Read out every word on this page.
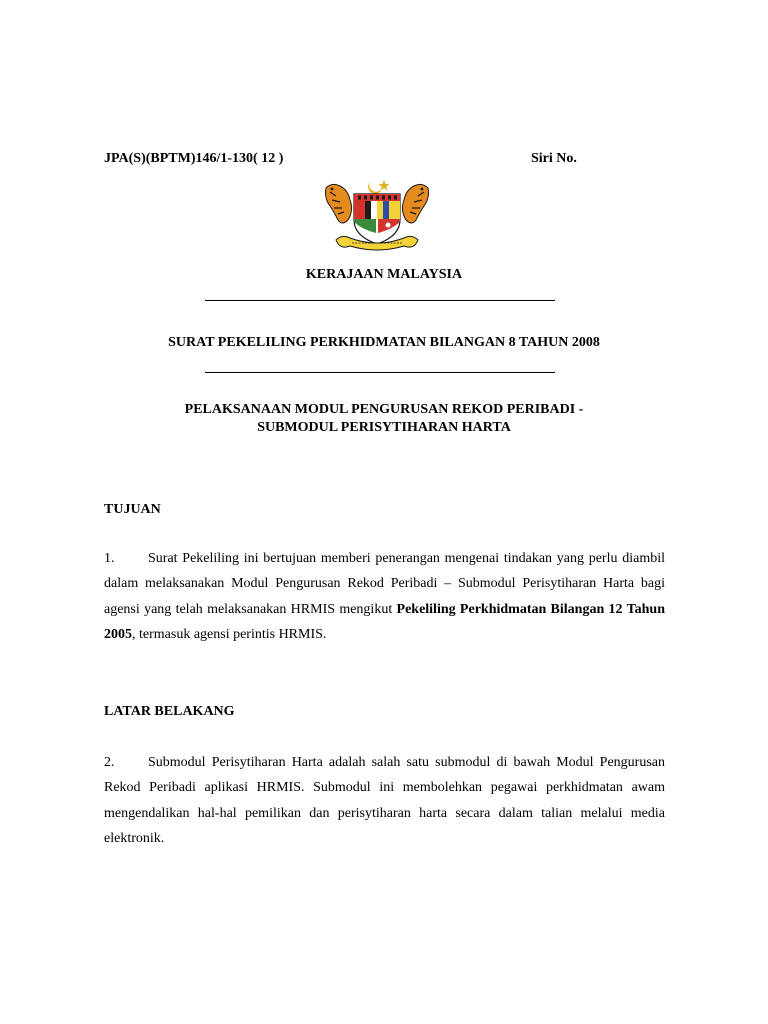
JPA(S)(BPTM)146/1-130( 12 )	Siri No.
KERAJAAN MALAYSIA
SURAT PEKELILING PERKHIDMATAN BILANGAN 8 TAHUN 2008
PELAKSANAAN MODUL PENGURUSAN REKOD PERIBADI -
SUBMODUL PERISYTIHARAN HARTA
TUJUAN
1. Surat Pekeliling ini bertujuan memberi penerangan mengenai tindakan yang perlu diambil dalam melaksanakan Modul Pengurusan Rekod Peribadi – Submodul Perisytiharan Harta bagi agensi yang telah melaksanakan HRMIS mengikut Pekeliling Perkhidmatan Bilangan 12 Tahun 2005, termasuk agensi perintis HRMIS.
LATAR BELAKANG
2. Submodul Perisytiharan Harta adalah salah satu submodul di bawah Modul Pengurusan Rekod Peribadi aplikasi HRMIS. Submodul ini membolehkan pegawai perkhidmatan awam mengendalikan hal-hal pemilikan dan perisytiharan harta secara dalam talian melalui media elektronik.
